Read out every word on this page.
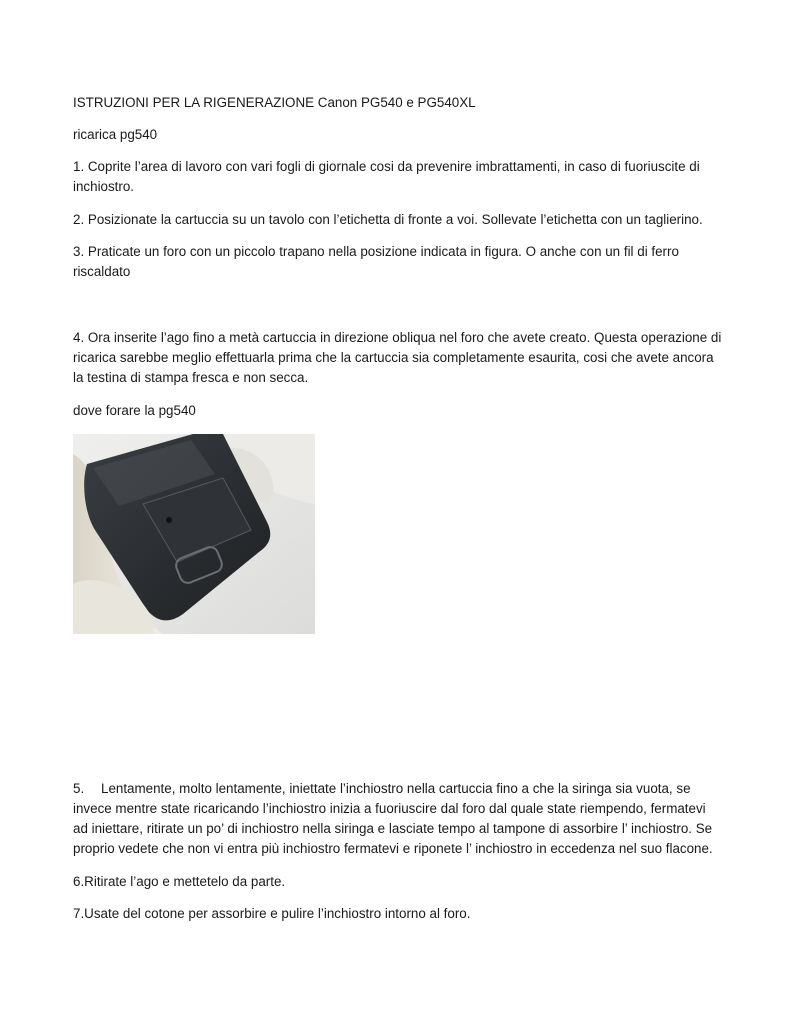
ISTRUZIONI PER LA RIGENERAZIONE Canon PG540 e PG540XL

ricarica pg540

1. Coprite l’area di lavoro con vari fogli di giornale cosi da prevenire imbrattamenti, in caso di fuoriuscite di inchiostro.

2. Posizionate la cartuccia su un tavolo con l’etichetta di fronte a voi. Sollevate l’etichetta con un taglierino.

3. Praticate un foro con un piccolo trapano nella posizione indicata in figura. O anche con un fil di ferro riscaldato

4. Ora inserite l’ago fino a metà cartuccia in direzione obliqua nel foro che avete creato. Questa operazione di ricarica sarebbe meglio effettuarla prima che la cartuccia sia completamente esaurita, cosi che avete ancora la testina di stampa fresca e non secca.

dove forare la pg540

5. Lentamente, molto lentamente, iniettate l’inchiostro nella cartuccia fino a che la siringa sia vuota, se invece mentre state ricaricando l’inchiostro inizia a fuoriuscire dal foro dal quale state riempendo, fermatevi ad iniettare, ritirate un po’ di inchiostro nella siringa e lasciate tempo al tampone di assorbire l’ inchiostro. Se proprio vedete che non vi entra più inchiostro fermatevi e riponete l’ inchiostro in eccedenza nel suo flacone.

6.Ritirate l’ago e mettetelo da parte.

7.Usate del cotone per assorbire e pulire l’inchiostro intorno al foro.
